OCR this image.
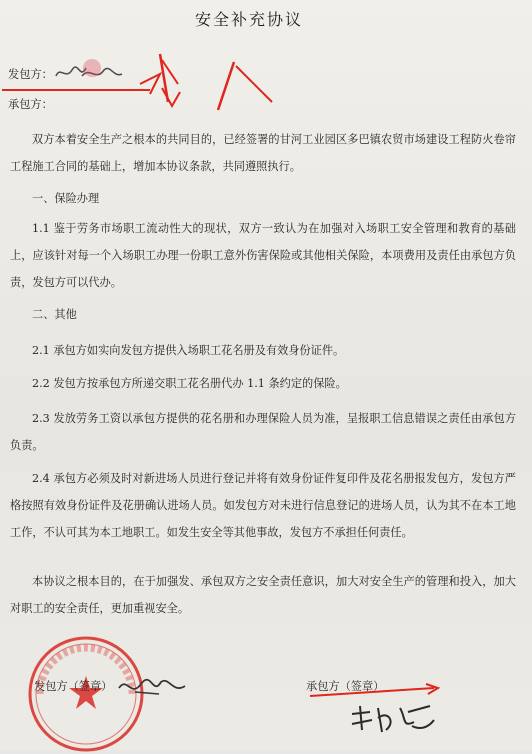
安全补充协议
发包方：
承包方：
双方本着安全生产之根本的共同目的，已经签署的甘河工业园区多巴镇农贸市场建设工程防火卷帘工程施工合同的基础上，增加本协议条款，共同遵照执行。
一、保险办理
1.1 鉴于劳务市场职工流动性大的现状，双方一致认为在加强对入场职工安全管理和教育的基础上，应该针对每一个入场职工办理一份职工意外伤害保险或其他相关保险，本项费用及责任由承包方负责，发包方可以代办。
二、其他
2.1 承包方如实向发包方提供入场职工花名册及有效身份证件。
2.2 发包方按承包方所递交职工花名册代办 1.1 条约定的保险。
2.3 发放劳务工资以承包方提供的花名册和办理保险人员为准，呈报职工信息错误之责任由承包方负责。
2.4 承包方必须及时对新进场人员进行登记并将有效身份证件复印件及花名册报发包方，发包方严格按照有效身份证件及花册确认进场人员。如发包方对未进行信息登记的进场人员，认为其不在本工地工作，不认可其为本工地职工。如发生安全等其他事故，发包方不承担任何责任。
本协议之根本目的，在于加强发、承包双方之安全责任意识，加大对安全生产的管理和投入，加大对职工的安全责任，更加重视安全。
发包方（签章）	承包方（签章）
